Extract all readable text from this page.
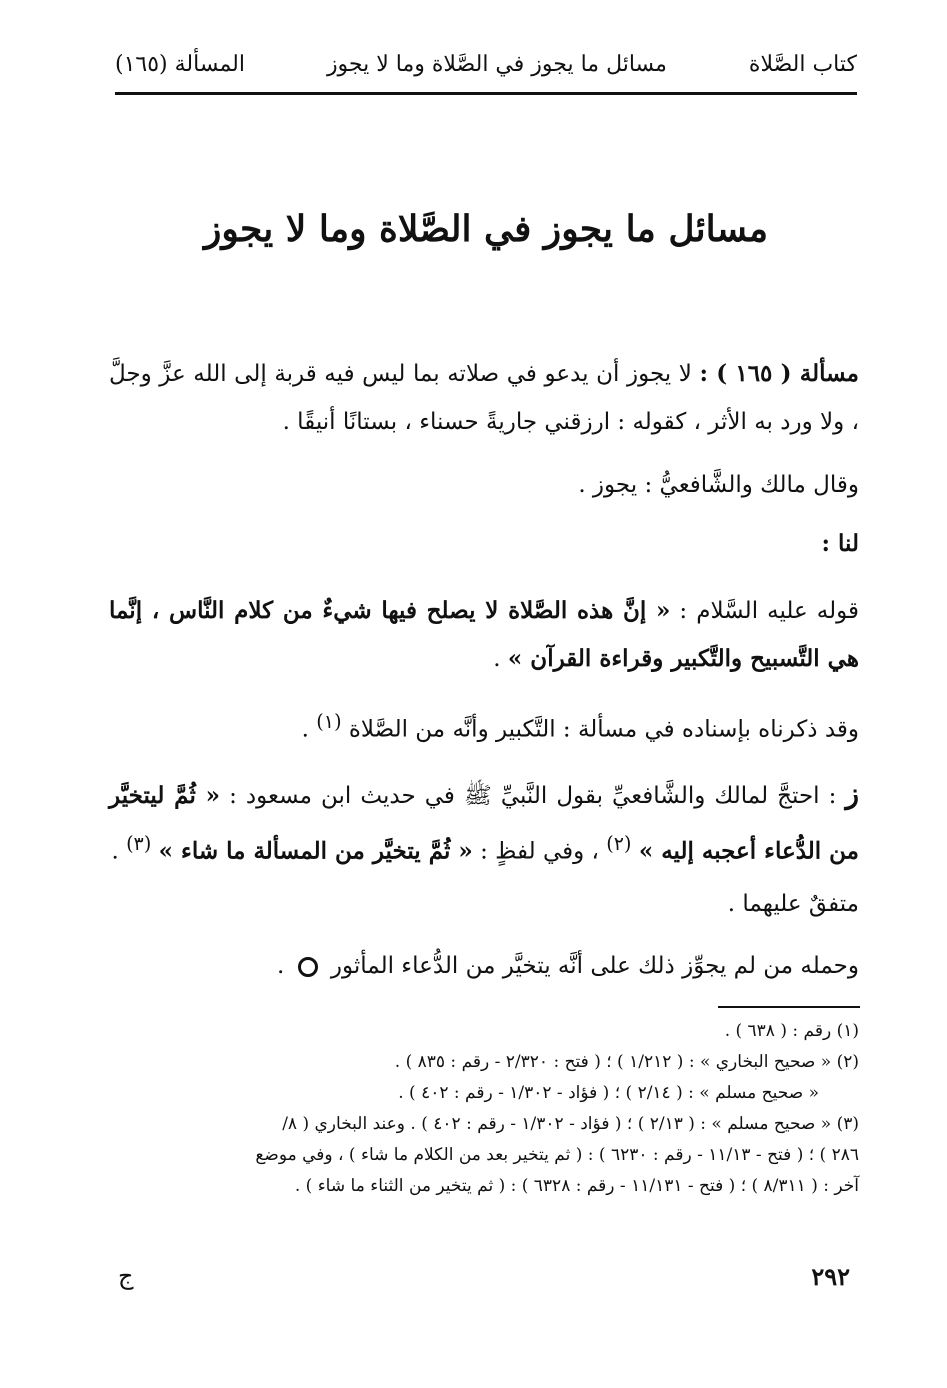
كتاب الصَّلاة
مسائل ما يجوز في الصَّلاة وما لا يجوز
المسألة (١٦٥)
مسائل ما يجوز في الصَّلاة وما لا يجوز

مسألة ( ١٦٥ ) : لا يجوز أن يدعو في صلاته بما ليس فيه قربة إلى الله عزَّ وجلَّ ، ولا ورد به الأثر ، كقوله : ارزقني جاريةً حسناء ، بستانًا أنيقًا .

وقال مالك والشَّافعيُّ : يجوز .

لنا :

قوله عليه السَّلام : « إنَّ هذه الصَّلاة لا يصلح فيها شيءٌ من كلام النَّاس ، إنَّما هي التَّسبيح والتَّكبير وقراءة القرآن » .

وقد ذكرناه بإسناده في مسألة : التَّكبير وأنَّه من الصَّلاة $^{(١)}$ .

ز : احتجَّ لمالك والشَّافعيِّ بقول النَّبيِّ ﷺ في حديث ابن مسعود : « ثُمَّ ليتخيَّر من الدُّعاء أعجبه إليه » $^{(٢)}$ ، وفي لفظٍ : « ثُمَّ يتخيَّر من المسألة ما شاء » $^{(٣)}$ .

متفقٌ عليهما .

وحمله من لم يجوِّز ذلك على أنَّه يتخيَّر من الدُّعاء المأثور  .

(١) رقم : ( ٦٣٨ ) .
(٢) « صحيح البخاري » : ( ١/٢١٢ ) ؛ ( فتح : ٢/٣٢٠ - رقم : ٨٣٥ ) .
« صحيح مسلم » : ( ٢/١٤ ) ؛ ( فؤاد - ١/٣٠٢ - رقم : ٤٠٢ ) .
(٣) « صحيح مسلم » : ( ٢/١٣ ) ؛ ( فؤاد - ١/٣٠٢ - رقم : ٤٠٢ ) . وعند البخاري ( ٨/
٢٨٦ ) ؛ ( فتح - ١١/١٣ - رقم : ٦٢٣٠ ) : ( ثم يتخير بعد من الكلام ما شاء ) ، وفي موضع
آخر : ( ٨/٣١١ ) ؛ ( فتح - ١١/١٣١ - رقم : ٦٣٢٨ ) : ( ثم يتخير من الثناء ما شاء ) .
٢٩٢
ج
